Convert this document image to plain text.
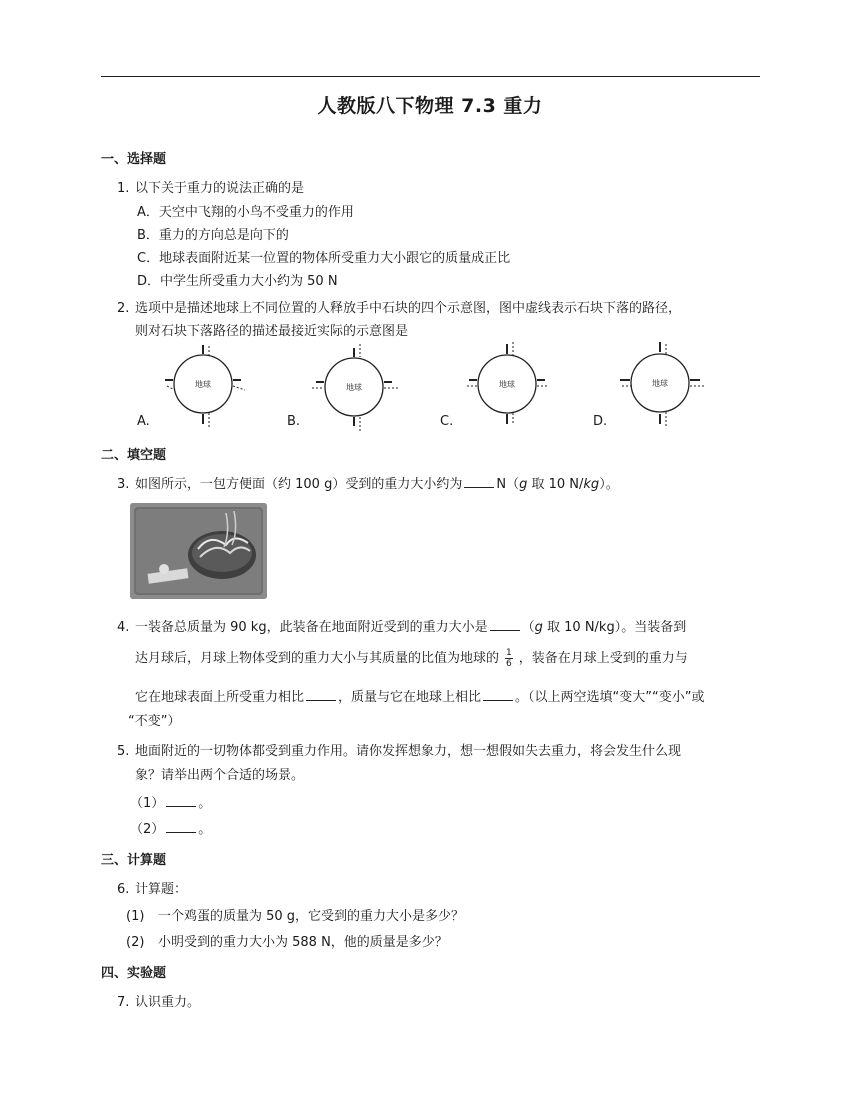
人教版八下物理 7.3 重力
一、选择题
1. 以下关于重力的说法正确的是
A．天空中飞翔的小鸟不受重力的作用
B．重力的方向总是向下的
C．地球表面附近某一位置的物体所受重力大小跟它的质量成正比
D．中学生所受重力大小约为 50 N
2. 选项中是描述地球上不同位置的人释放手中石块的四个示意图，图中虚线表示石块下落的路径，
则对石块下落路径的描述最接近实际的示意图是
地球	地球	地球	地球
A.	B.	C.	D.
二、填空题
3. 如图所示，一包方便面（约 100 g）受到的重力大小约为	N（g 取 10 N/kg）。
4. 一装备总质量为 90 kg，此装备在地面附近受到的重力大小是	（g 取 10 N/kg）。当装备到
达月球后，月球上物体受到的重力大小与其质量的比值为地球的 $\frac{1}{6}$ ，装备在月球上受到的重力与
它在地球表面上所受重力相比	，质量与它在地球上相比	。（以上两空选填“变大”“变小”或
“不变”）
5. 地面附近的一切物体都受到重力作用。请你发挥想象力，想一想假如失去重力，将会发生什么现
象？请举出两个合适的场景。
（1）	。
（2）	。
三、计算题
6. 计算题：
(1) 一个鸡蛋的质量为 50 g，它受到的重力大小是多少？
(2) 小明受到的重力大小为 588 N，他的质量是多少？
四、实验题
7. 认识重力。
